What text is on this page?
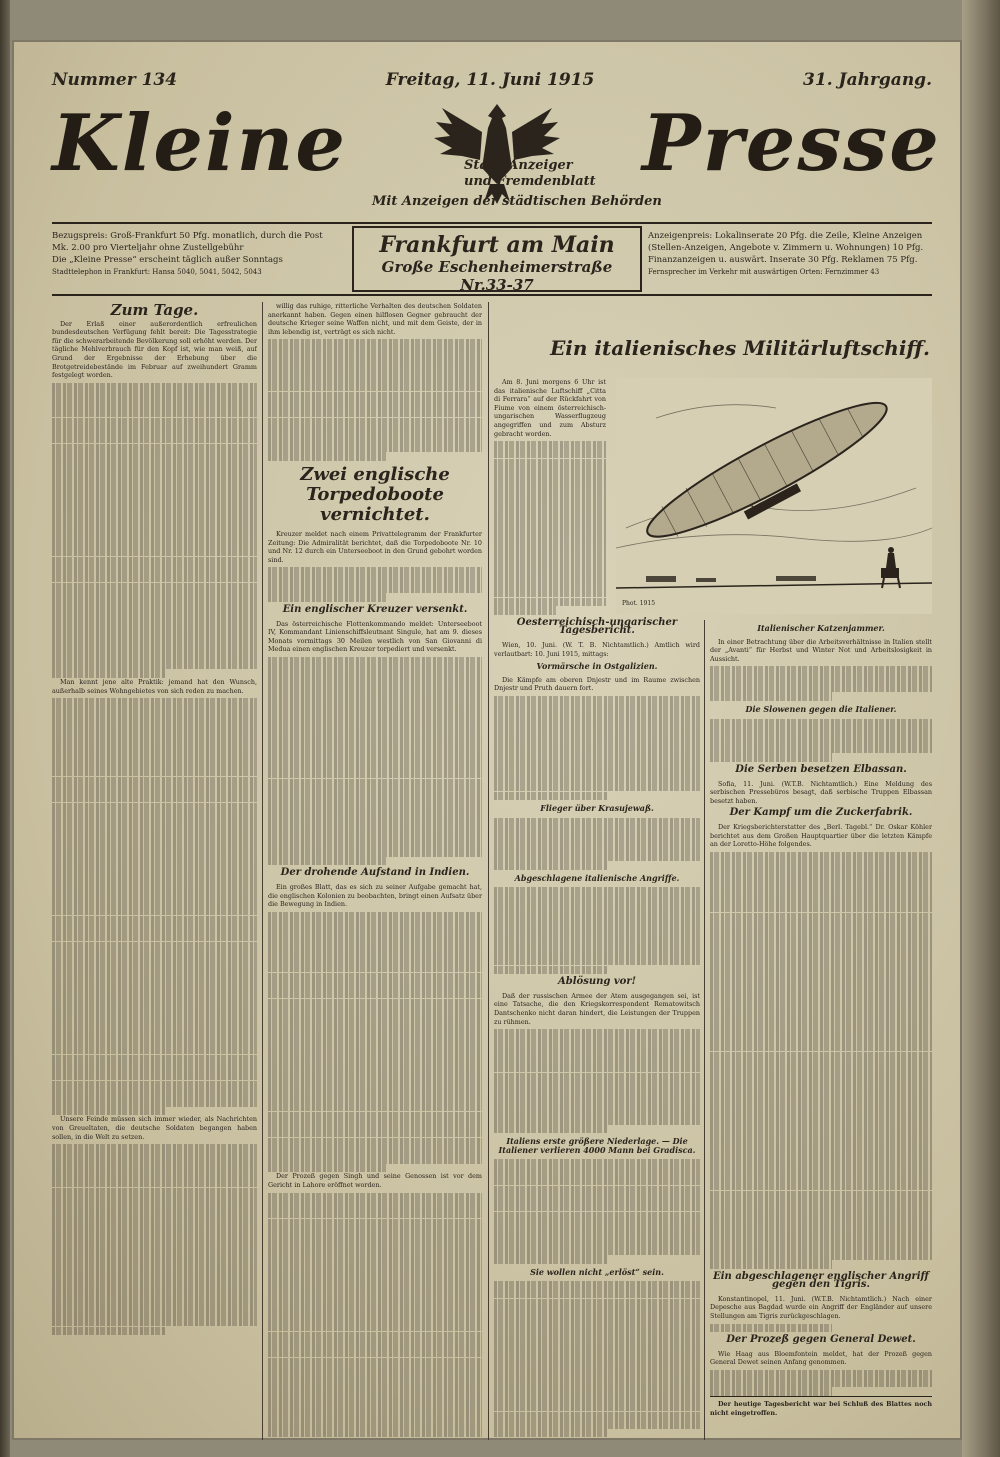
Nummer 134	Freitag, 11. Juni 1915	31. Jahrgang.
Kleine	Presse
Stadt-Anzeiger
und Fremdenblatt
Mit Anzeigen der städtischen Behörden
Bezugspreis: Groß-Frankfurt 50 Pfg. monatlich, durch die Post
Mk. 2.00 pro Vierteljahr ohne Zustellgebühr
Die „Kleine Presse“ erscheint täglich außer Sonntags
Stadttelephon in Frankfurt: Hansa 5040, 5041, 5042, 5043
Frankfurt am Main
Große Eschenheimerstraße Nr.33-37
Anzeigenpreis: Lokalinserate 20 Pfg. die Zeile, Kleine Anzeigen
(Stellen-Anzeigen, Angebote v. Zimmern u. Wohnungen) 10 Pfg.
Finanzanzeigen u. auswärt. Inserate 30 Pfg. Reklamen 75 Pfg.
Fernsprecher im Verkehr mit auswärtigen Orten: Fernzimmer 43
Zum Tage.

Der Erlaß einer außerordentlich erfreulichen bundesdeutschen Verfügung fehlt bereit: Die Tagesstrategie für die schwerarbeitende Bevölkerung soll erhöht werden. Der tägliche Mehlverbrauch für den Kopf ist, wie man weiß, auf Grund der Ergebnisse der Erhebung über die Brotgetreidebestände im Februar auf zweihundert Gramm festgelegt worden.

Man kennt jene alte Praktik: jemand hat den Wunsch, außerhalb seines Wohngebietes von sich reden zu machen.

Unsere Feinde müssen sich immer wieder, als Nachrichten von Greueltaten, die deutsche Soldaten begangen haben sollen, in die Welt zu setzen.

willig das ruhige, ritterliche Verhalten des deutschen Soldaten anerkannt haben. Gegen einen hilflosen Gegner gebraucht der deutsche Krieger seine Waffen nicht, und mit dem Geiste, der in ihm lebendig ist, verträgt es sich nicht.

Zwei englische Torpedoboote vernichtet.

Kreuzer meldet nach einem Privattelegramm der Frankfurter Zeitung: Die Admiralität berichtet, daß die Torpedoboote Nr. 10 und Nr. 12 durch ein Unterseeboot in den Grund gebohrt worden sind.

Ein englischer Kreuzer versenkt.

Das österreichische Flottenkommando meldet: Unterseeboot IV, Kommandant Linienschiffsleutnant Singule, hat am 9. dieses Monats vormittags 30 Meilen westlich von San Giovanni di Medua einen englischen Kreuzer torpediert und versenkt.

Der drohende Aufstand in Indien.

Ein großes Blatt, das es sich zu seiner Aufgabe gemacht hat, die englischen Kolonien zu beobachten, bringt einen Aufsatz über die Bewegung in Indien.

Der Prozeß gegen Singh und seine Genossen ist vor dem Gericht in Lahore eröffnet worden.

Ein italienisches Militärluftschiff.

Am 8. Juni morgens 6 Uhr ist das italienische Luftschiff „Citta di Ferrara“ auf der Rückfahrt von Fiume von einem österreichisch-ungarischen Wasserflugzeug angegriffen und zum Absturz gebracht worden.

Oesterreichisch-ungarischer Tagesbericht.

Wien, 10. Juni. (W. T. B. Nichtamtlich.) Amtlich wird verlautbart: 10. Juni 1915, mittags:

Vormärsche in Ostgalizien.

Die Kämpfe am oberen Dnjestr und im Raume zwischen Dnjestr und Pruth dauern fort.

Flieger über Krasujewaß.
Abgeschlagene italienische Angriffe.
Ablösung vor!

Daß der russischen Armee der Atem ausgegangen sei, ist eine Tatsache, die den Kriegskorrespondent Rematowitsch Dantschenko nicht daran hindert, die Leistungen der Truppen zu rühmen.

Italiens erste größere Niederlage. — Die Italiener verlieren 4000 Mann bei Gradisca.
Sie wollen nicht „erlöst“ sein.
Phot. 1915
Italienischer Katzenjammer.

In einer Betrachtung über die Arbeitsverhältnisse in Italien stellt der „Avanti“ für Herbst und Winter Not und Arbeitslosigkeit in Aussicht.

Die Slowenen gegen die Italiener.
Die Serben besetzen Elbassan.

Sofia, 11. Juni. (W.T.B. Nichtamtlich.) Eine Meldung des serbischen Pressebüros besagt, daß serbische Truppen Elbassan besetzt haben.

Der Kampf um die Zuckerfabrik.

Der Kriegsberichterstatter des „Berl. Tagebl.“ Dr. Oskar Köhler berichtet aus dem Großen Hauptquartier über die letzten Kämpfe an der Loretto-Höhe folgendes.

Ein abgeschlagener englischer Angriff gegen den Tigris.

Konstantinopel, 11. Juni. (W.T.B. Nichtamtlich.) Nach einer Depesche aus Bagdad wurde ein Angriff der Engländer auf unsere Stellungen am Tigris zurückgeschlagen.

Der Prozeß gegen General Dewet.

Wie Haag aus Bloemfontein meldet, hat der Prozeß gegen General Dewet seinen Anfang genommen.

Der heutige Tagesbericht war bei Schluß des Blattes noch nicht eingetroffen.
